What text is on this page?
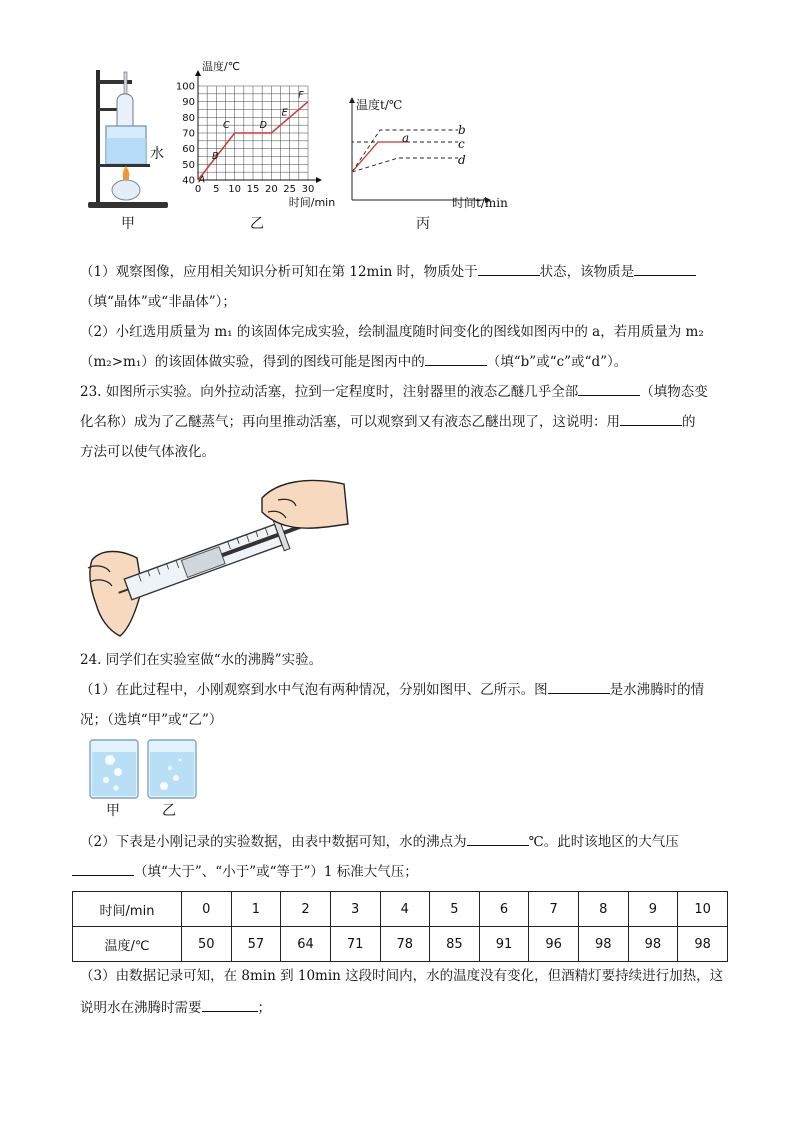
水
甲
100
90
80
70
60
50
40
0 5 10 15 20 25 30
温度/℃
时间/min
A
B
C	D
E
F
乙
温度t/℃
时间t/min
a
b
c
d
丙
（1）观察图像，应用相关知识分析可知在第 12min 时，物质处于	状态，该物质是
（填“晶体”或“非晶体”）；
（2）小红选用质量为 m₁ 的该固体完成实验，绘制温度随时间变化的图线如图丙中的 a，若用质量为 m₂
（m₂>m₁）的该固体做实验，得到的图线可能是图丙中的	（填“b”或“c”或“d”）。
23. 如图所示实验。向外拉动活塞，拉到一定程度时，注射器里的液态乙醚几乎全部	（填物态变
化名称）成为了乙醚蒸气；再向里推动活塞，可以观察到又有液态乙醚出现了，这说明：用	的
方法可以使气体液化。
24. 同学们在实验室做“水的沸腾”实验。
（1）在此过程中，小刚观察到水中气泡有两种情况，分别如图甲、乙所示。图	是水沸腾时的情
况；（选填“甲”或“乙”）
甲	乙
（2）下表是小刚记录的实验数据，由表中数据可知，水的沸点为	℃。此时该地区的大气压
（填“大于”、“小于”或“等于”）1 标准大气压；
时间/min	0	1	2	3	4	5	6	7	8	9	10
温度/℃	50	57	64	71	78	85	91	96	98	98	98
（3）由数据记录可知，在 8min 到 10min 这段时间内，水的温度没有变化，但酒精灯要持续进行加热，这
说明水在沸腾时需要	；
